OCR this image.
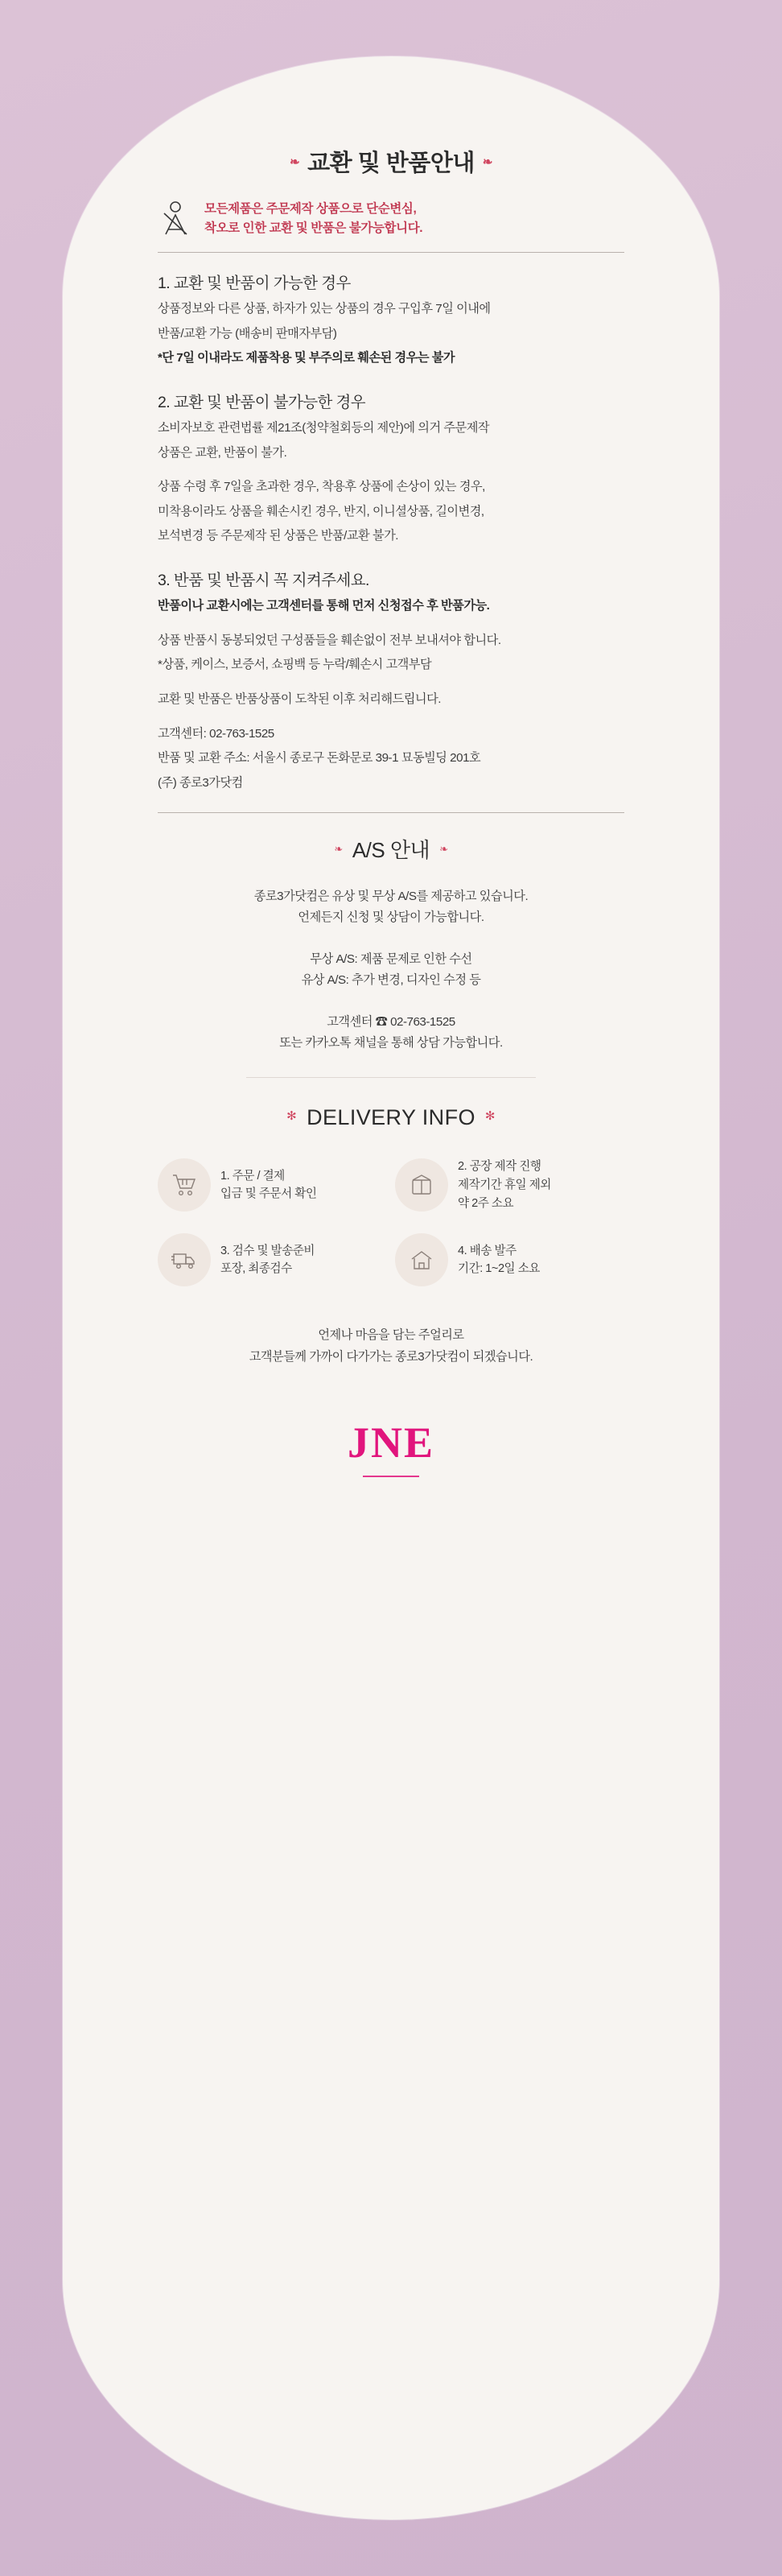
❧ 교환 및 반품안내 ❧
모든제품은 주문제작 상품으로 단순변심,
착오로 인한 교환 및 반품은 불가능합니다.
1. 교환 및 반품이 가능한 경우

상품정보와 다른 상품, 하자가 있는 상품의 경우 구입후 7일 이내에

반품/교환 가능 (배송비 판매자부담)

*단 7일 이내라도 제품착용 및 부주의로 훼손된 경우는 불가

2. 교환 및 반품이 불가능한 경우

소비자보호 관련법률 제21조(청약철회등의 제안)에 의거 주문제작

상품은 교환, 반품이 불가.

상품 수령 후 7일을 초과한 경우, 착용후 상품에 손상이 있는 경우,

미착용이라도 상품을 훼손시킨 경우, 반지, 이니셜상품, 길이변경,

보석변경 등 주문제작 된 상품은 반품/교환 불가.

3. 반품 및 반품시 꼭 지켜주세요.

반품이나 교환시에는 고객센터를 통해 먼저 신청접수 후 반품가능.

상품 반품시 동봉되었던 구성품들을 훼손없이 전부 보내셔야 합니다.

*상품, 케이스, 보증서, 쇼핑백 등 누락/훼손시 고객부담

교환 및 반품은 반품상품이 도착된 이후 처리해드립니다.

고객센터: 02-763-1525

반품 및 교환 주소: 서울시 종로구 돈화문로 39-1 묘동빌딩 201호

(주) 종로3가닷컴

❧ A/S 안내 ❧

종로3가닷컴은 유상 및 무상 A/S를 제공하고 있습니다.

언제든지 신청 및 상담이 가능합니다.

무상 A/S: 제품 문제로 인한 수선

유상 A/S: 추가 변경, 디자인 수정 등

고객센터 ☎ 02-763-1525

또는 카카오톡 채널을 통해 상담 가능합니다.

✻ DELIVERY INFO ✻
1. 주문 / 결제
입금 및 주문서 확인
2. 공장 제작 진행
제작기간 휴일 제외
약 2주 소요
3. 검수 및 발송준비
포장, 최종검수
4. 배송 발주
기간: 1~2일 소요

언제나 마음을 담는 주얼리로
고객분들께 가까이 다가가는 종로3가닷컴이 되겠습니다.

JNE
